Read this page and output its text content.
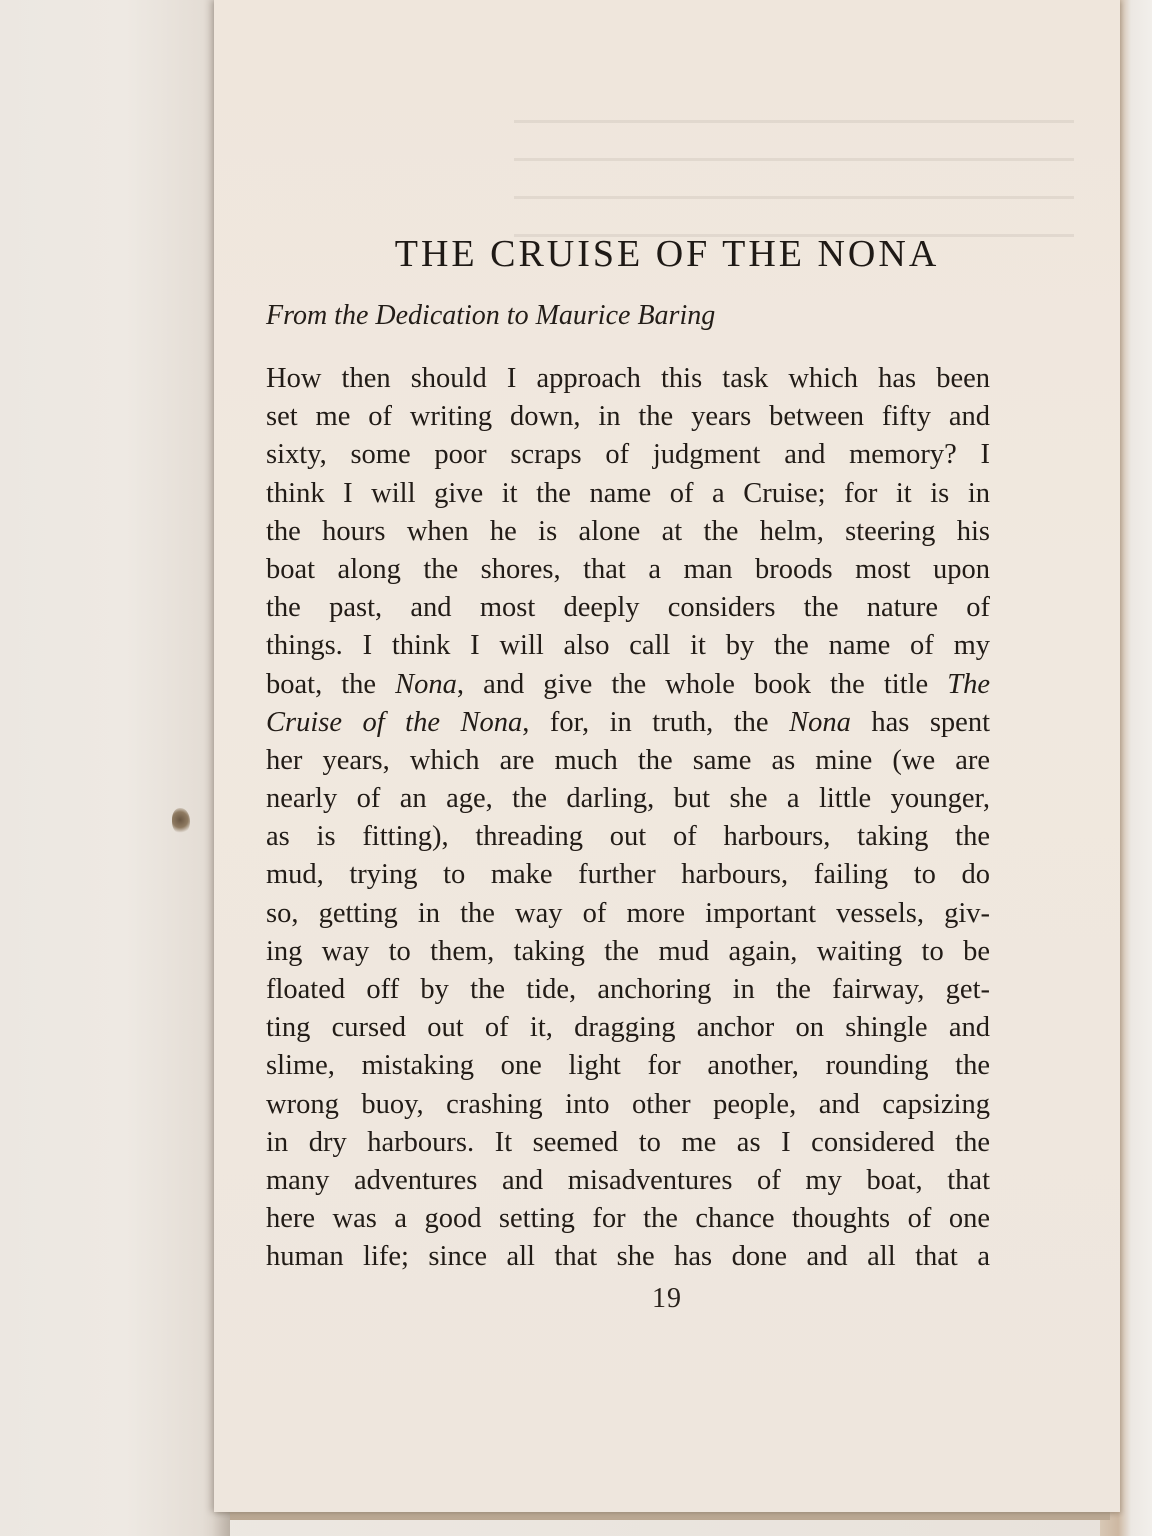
THE CRUISE OF THE NONA
From the Dedication to Maurice Baring
How then should I approach this task which has been
set me of writing down, in the years between fifty and
sixty, some poor scraps of judgment and memory? I
think I will give it the name of a Cruise; for it is in
the hours when he is alone at the helm, steering his
boat along the shores, that a man broods most upon
the past, and most deeply considers the nature of
things. I think I will also call it by the name of my
boat, the Nona, and give the whole book the title The
Cruise of the Nona, for, in truth, the Nona has spent
her years, which are much the same as mine (we are
nearly of an age, the darling, but she a little younger,
as is fitting), threading out of harbours, taking the
mud, trying to make further harbours, failing to do
so, getting in the way of more important vessels, giv-
ing way to them, taking the mud again, waiting to be
floated off by the tide, anchoring in the fairway, get-
ting cursed out of it, dragging anchor on shingle and
slime, mistaking one light for another, rounding the
wrong buoy, crashing into other people, and capsizing
in dry harbours. It seemed to me as I considered the
many adventures and misadventures of my boat, that
here was a good setting for the chance thoughts of one
human life; since all that she has done and all that a
19
